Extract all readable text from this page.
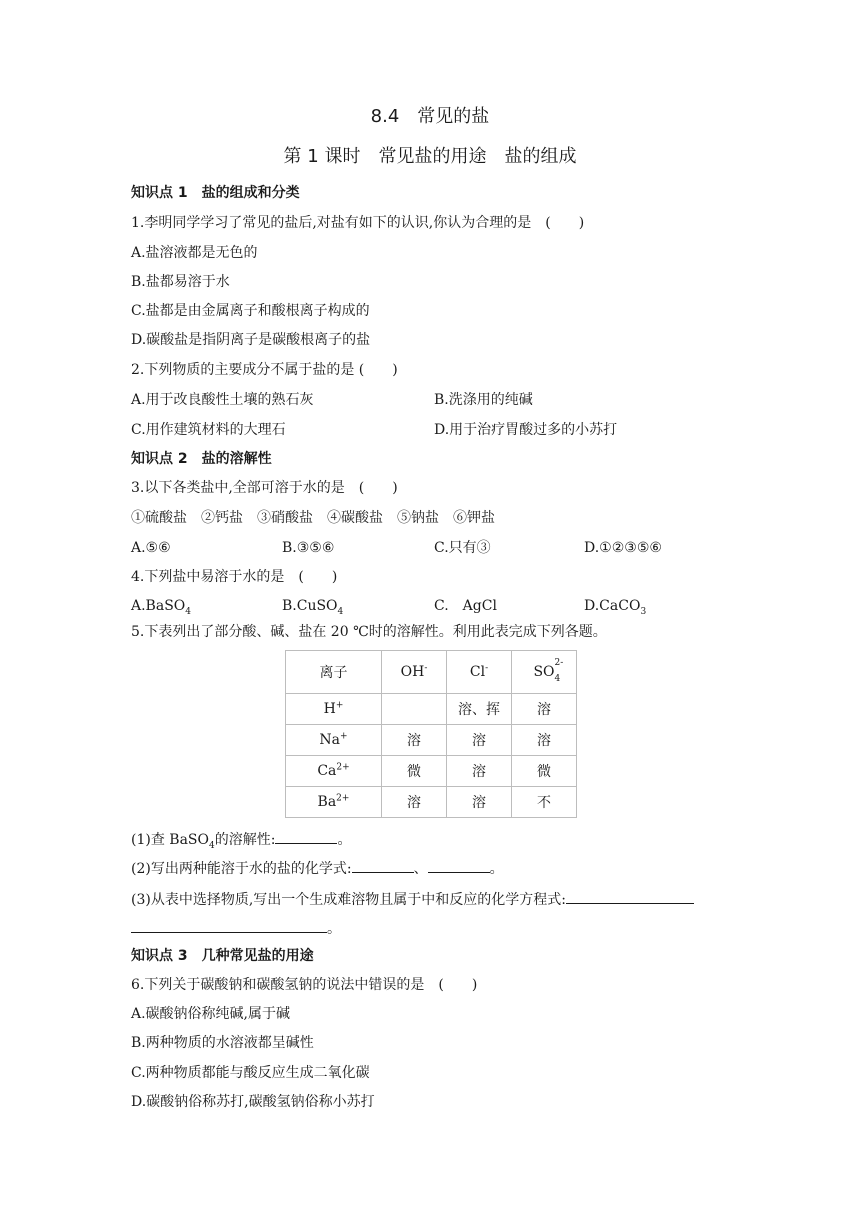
8.4　常见的盐
第 1 课时　常见盐的用途　盐的组成
知识点 1　盐的组成和分类
1.李明同学学习了常见的盐后,对盐有如下的认识,你认为合理的是　(　　)
A.盐溶液都是无色的
B.盐都易溶于水
C.盐都是由金属离子和酸根离子构成的
D.碳酸盐是指阴离子是碳酸根离子的盐
2.下列物质的主要成分不属于盐的是 (　　)
A.用于改良酸性土壤的熟石灰	B.洗涤用的纯碱
C.用作建筑材料的大理石	D.用于治疗胃酸过多的小苏打
知识点 2　盐的溶解性
3.以下各类盐中,全部可溶于水的是　(　　)
①硫酸盐　②钙盐　③硝酸盐　④碳酸盐　⑤钠盐　⑥钾盐
A.⑤⑥	B.③⑤⑥	C.只有③	D.①②③⑤⑥
4.下列盐中易溶于水的是　(　　)
A.BaSO$_4$	B.CuSO$_4$	C.　AgCl	D.CaCO$_3$
5.下表列出了部分酸、碱、盐在 20 ℃时的溶解性。利用此表完成下列各题。
离子	OH-	Cl-	SO
2-
4

H+		溶、挥	溶
Na+	溶	溶	溶
$Ca^{2+}$	微	溶	微
$Ba^{2+}$	溶	溶	不
(1)查 BaSO$_4$的溶解性:	。
(2)写出两种能溶于水的盐的化学式:	、	。
(3)从表中选择物质,写出一个生成难溶物且属于中和反应的化学方程式:
。
知识点 3　几种常见盐的用途
6.下列关于碳酸钠和碳酸氢钠的说法中错误的是　(　　)
A.碳酸钠俗称纯碱,属于碱
B.两种物质的水溶液都呈碱性
C.两种物质都能与酸反应生成二氧化碳
D.碳酸钠俗称苏打,碳酸氢钠俗称小苏打
